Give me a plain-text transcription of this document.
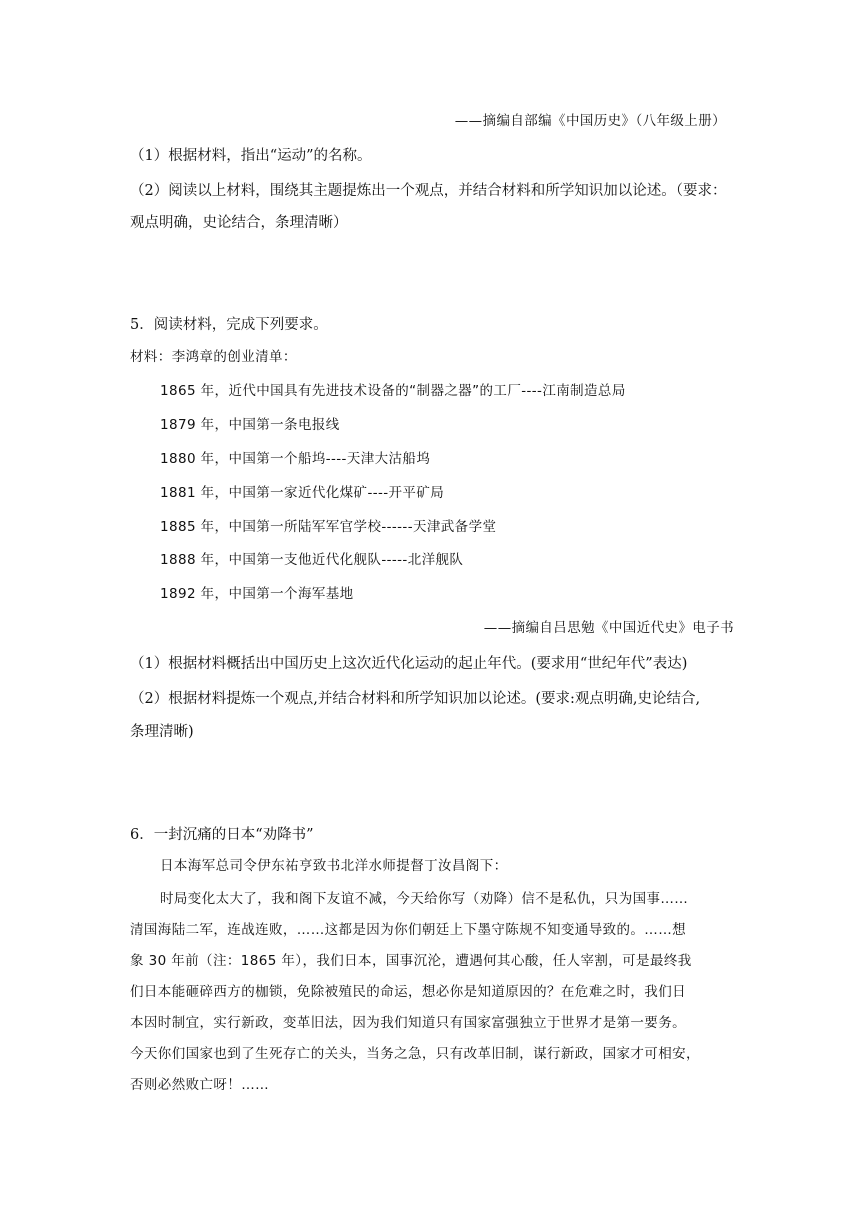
——摘编自部编《中国历史》（八年级上册）
（1）根据材料，指出“运动”的名称。
（2）阅读以上材料，围绕其主题提炼出一个观点，并结合材料和所学知识加以论述。（要求：
观点明确，史论结合，条理清晰）
5．阅读材料，完成下列要求。
材料：李鸿章的创业清单：
1865 年，近代中国具有先进技术设备的“制器之器”的工厂----江南制造总局
1879 年，中国第一条电报线
1880 年，中国第一个船坞----天津大沽船坞
1881 年，中国第一家近代化煤矿----开平矿局
1885 年，中国第一所陆军军官学校------天津武备学堂
1888 年，中国第一支他近代化舰队-----北洋舰队
1892 年，中国第一个海军基地
——摘编自吕思勉《中国近代史》电子书
（1）根据材料概括出中国历史上这次近代化运动的起止年代。(要求用“世纪年代”表达)
（2）根据材料提炼一个观点,并结合材料和所学知识加以论述。(要求:观点明确,史论结合,
条理清晰)
6．一封沉痛的日本“劝降书”
日本海军总司令伊东祐亨致书北洋水师提督丁汝昌阁下：
时局变化太大了，我和阁下友谊不减，今天给你写（劝降）信不是私仇，只为国事……
清国海陆二军，连战连败，……这都是因为你们朝廷上下墨守陈规不知变通导致的。……想
象 30 年前（注：1865 年），我们日本，国事沉沦，遭遇何其心酸，任人宰割，可是最终我
们日本能砸碎西方的枷锁，免除被殖民的命运，想必你是知道原因的？在危难之时，我们日
本因时制宜，实行新政，变革旧法，因为我们知道只有国家富强独立于世界才是第一要务。
今天你们国家也到了生死存亡的关头，当务之急，只有改革旧制，谋行新政，国家才可相安，
否则必然败亡呀！……
